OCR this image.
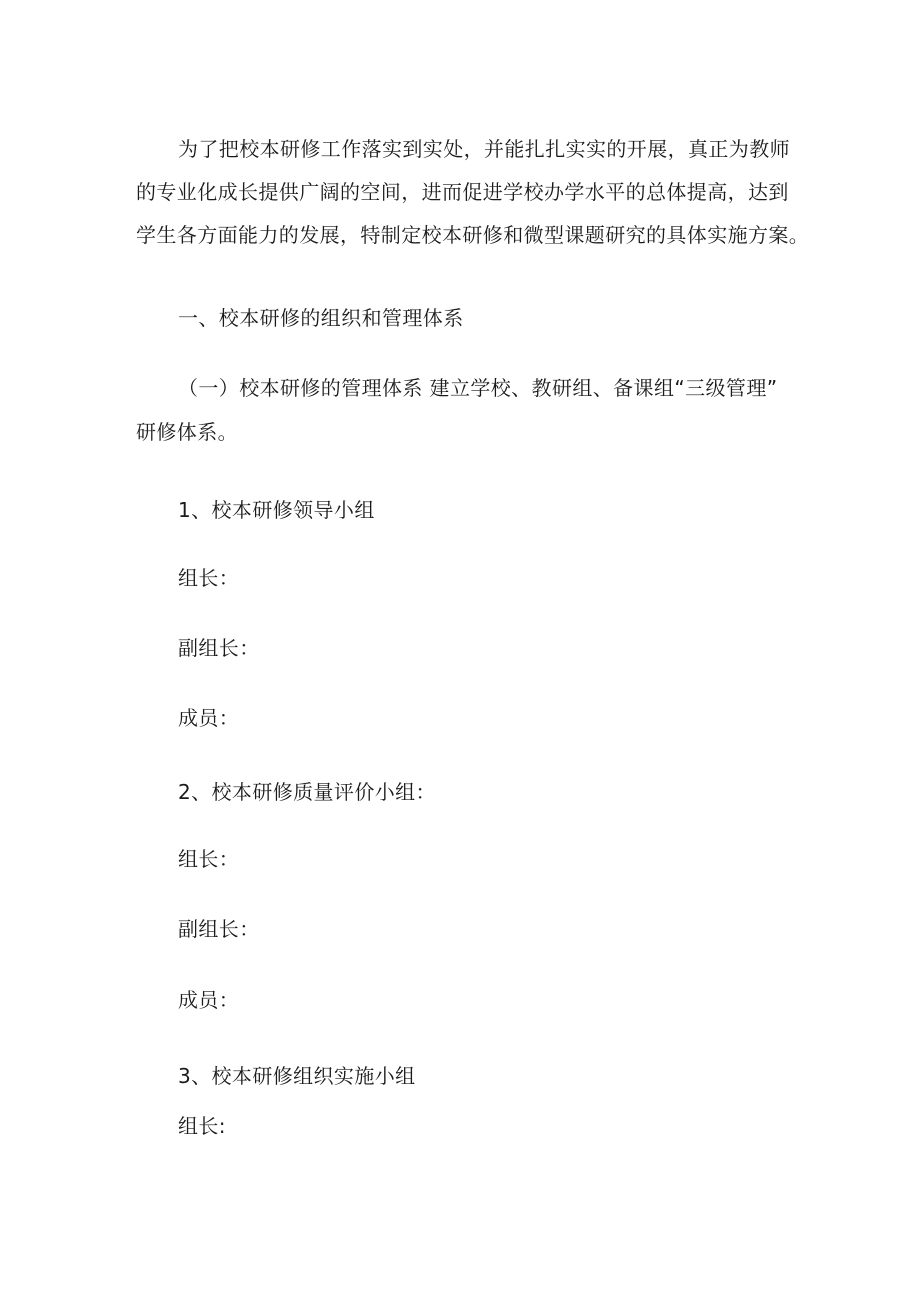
为了把校本研修工作落实到实处，并能扎扎实实的开展，真正为教师
的专业化成长提供广阔的空间，进而促进学校办学水平的总体提高，达到
学生各方面能力的发展，特制定校本研修和微型课题研究的具体实施方案。
一、校本研修的组织和管理体系
（一）校本研修的管理体系 建立学校、教研组、备课组“三级管理”
研修体系。
1、校本研修领导小组
组长：
副组长：
成员：
2、校本研修质量评价小组：
组长：
副组长：
成员：
3、校本研修组织实施小组
组长:
